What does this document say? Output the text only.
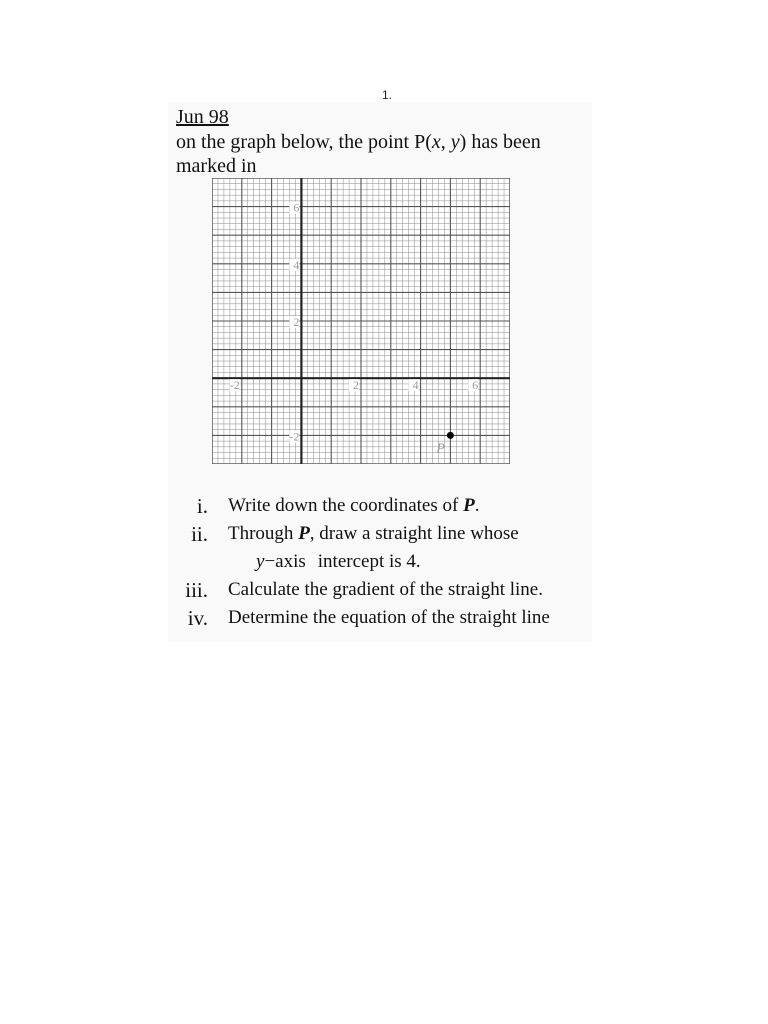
1.
Jun 98
on the graph below, the point P(x, y) has been
marked in
-2	2	4	6
6
4
2
-2
P
i. Write down the coordinates of P.
ii. Through P, draw a straight line whose
y−axis intercept is 4.
iii. Calculate the gradient of the straight line.
iv. Determine the equation of the straight line
